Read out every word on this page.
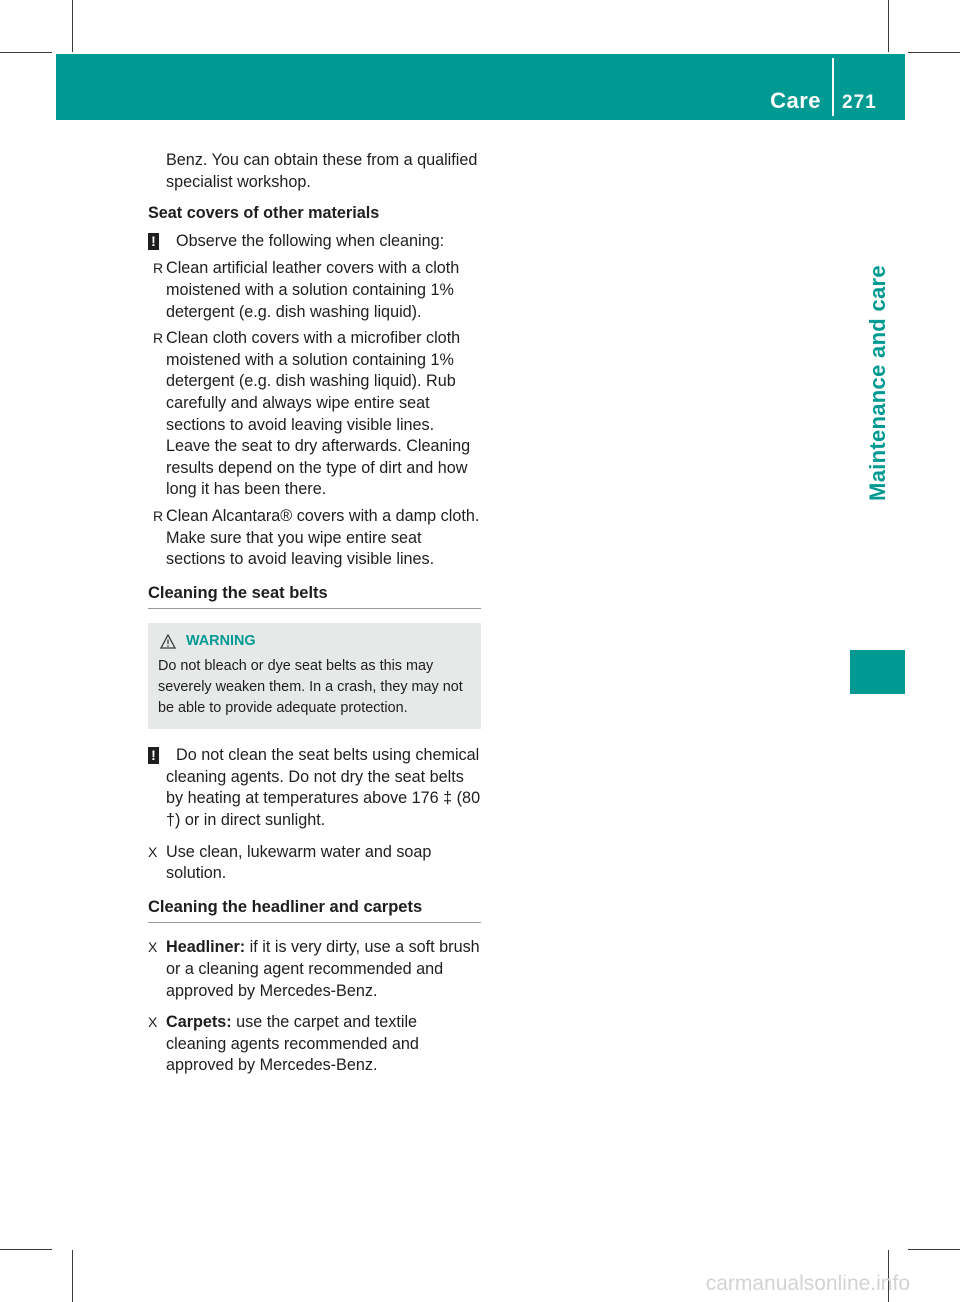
Care 271
Maintenance and care

Benz. You can obtain these from a qualified specialist workshop.

Seat covers of other materials
! Observe the following when cleaning:
R Clean artificial leather covers with a cloth moistened with a solution containing 1% detergent (e.g. dish washing liquid).
R Clean cloth covers with a microfiber cloth moistened with a solution containing 1% detergent (e.g. dish washing liquid). Rub carefully and always wipe entire seat sections to avoid leaving visible lines. Leave the seat to dry afterwards. Cleaning results depend on the type of dirt and how long it has been there.
R Clean Alcantara® covers with a damp cloth. Make sure that you wipe entire seat sections to avoid leaving visible lines.
Cleaning the seat belts
WARNING
Do not bleach or dye seat belts as this may severely weaken them. In a crash, they may not be able to provide adequate protection.
! Do not clean the seat belts using chemical cleaning agents. Do not dry the seat belts by heating at temperatures above 176 ‡ (80 †) or in direct sunlight.
X Use clean, lukewarm water and soap solution.
Cleaning the headliner and carpets
X Headliner: if it is very dirty, use a soft brush or a cleaning agent recommended and approved by Mercedes-Benz.
X Carpets: use the carpet and textile cleaning agents recommended and approved by Mercedes-Benz.
carmanualsonline.info
